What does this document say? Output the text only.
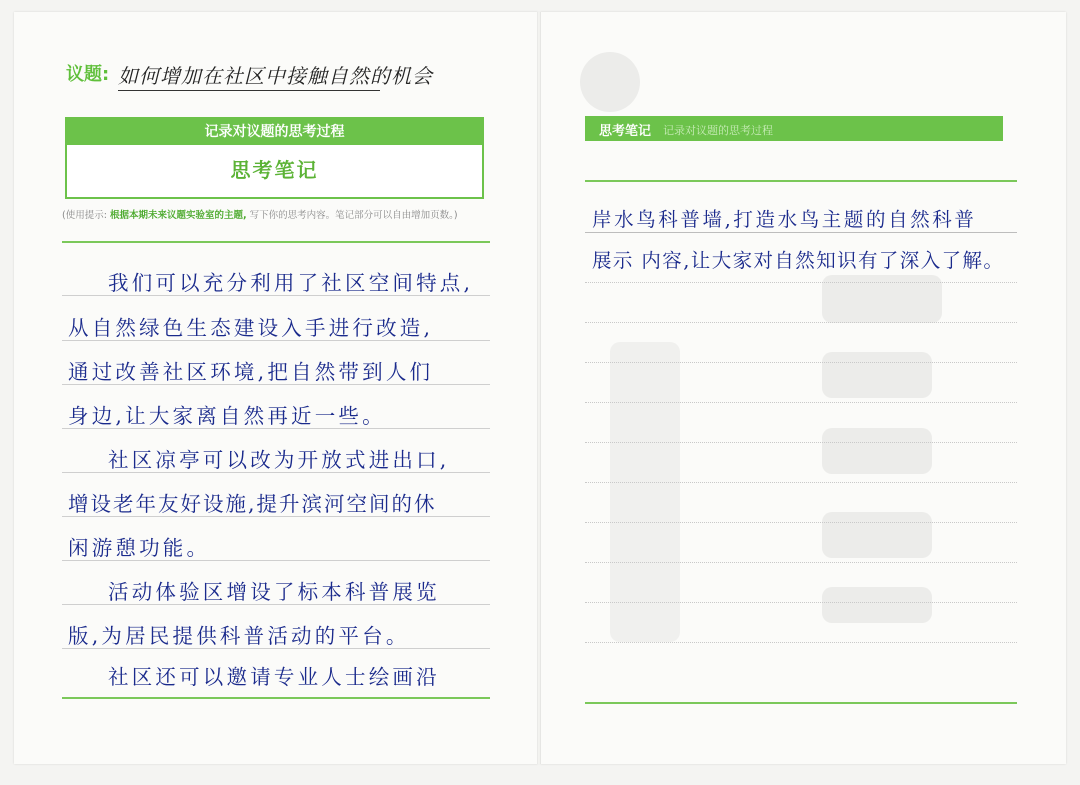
议题: 如何增加在社区中接触自然的机会
记录对议题的思考过程
思考笔记
(使用提示: 根据本期未来议题实验室的主题, 写下你的思考内容。笔记部分可以自由增加页数。)
我们可以充分利用了社区空间特点,
从自然绿色生态建设入手进行改造,
通过改善社区环境,把自然带到人们
身边,让大家离自然再近一些。
社区凉亭可以改为开放式进出口,
增设老年友好设施,提升滨河空间的休
闲游憩功能。
活动体验区增设了标本科普展览
版,为居民提供科普活动的平台。
社区还可以邀请专业人士绘画沿
思考笔记 记录对议题的思考过程
岸水鸟科普墙,打造水鸟主题的自然科普
展示 内容,让大家对自然知识有了深入了解。
